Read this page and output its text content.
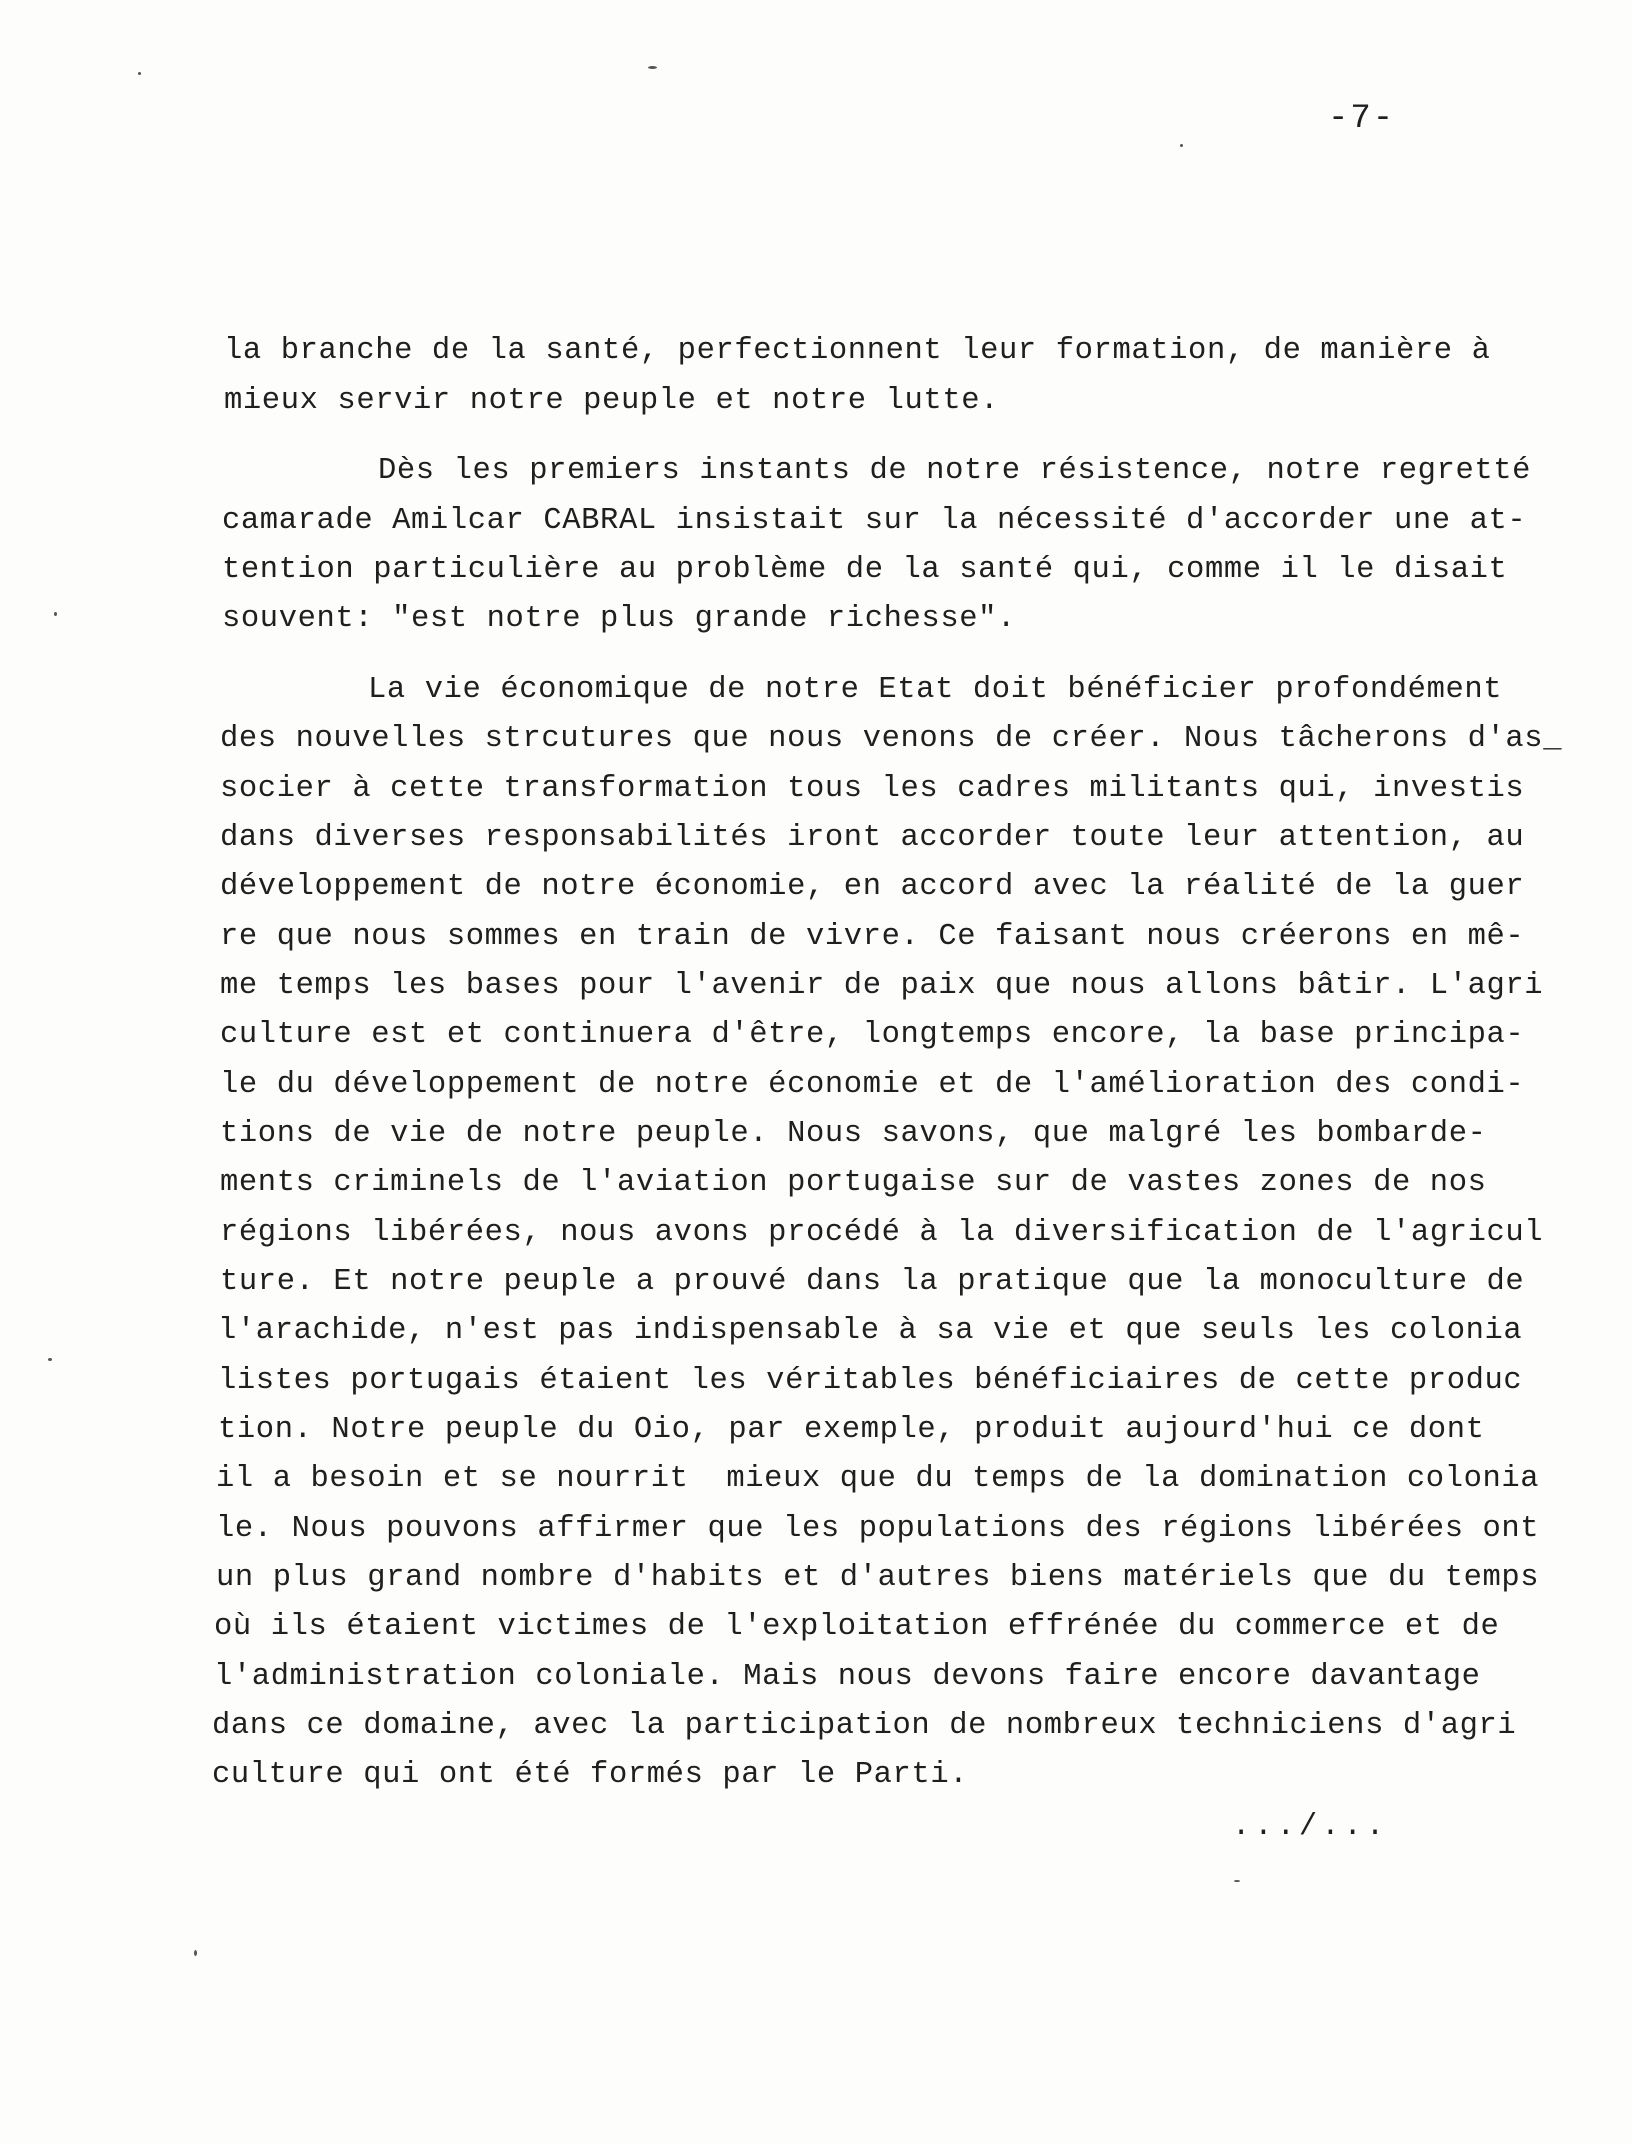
-7-
la branche de la santé, perfectionnent leur formation, de manière à
mieux servir notre peuple et notre lutte.
Dès les premiers instants de notre résistence, notre regretté
camarade Amilcar CABRAL insistait sur la nécessité d'accorder une at-
tention particulière au problème de la santé qui, comme il le disait
souvent: "est notre plus grande richesse".
La vie économique de notre Etat doit bénéficier profondément
des nouvelles strcutures que nous venons de créer. Nous tâcherons d'as_
socier à cette transformation tous les cadres militants qui, investis
dans diverses responsabilités iront accorder toute leur attention, au
développement de notre économie, en accord avec la réalité de la guer
re que nous sommes en train de vivre. Ce faisant nous créerons en mê-
me temps les bases pour l'avenir de paix que nous allons bâtir. L'agri
culture est et continuera d'être, longtemps encore, la base principa-
le du développement de notre économie et de l'amélioration des condi-
tions de vie de notre peuple. Nous savons, que malgré les bombarde-
ments criminels de l'aviation portugaise sur de vastes zones de nos
régions libérées, nous avons procédé à la diversification de l'agricul
ture. Et notre peuple a prouvé dans la pratique que la monoculture de
l'arachide, n'est pas indispensable à sa vie et que seuls les colonia
listes portugais étaient les véritables bénéficiaires de cette produc
tion. Notre peuple du Oio, par exemple, produit aujourd'hui ce dont
il a besoin et se nourrit  mieux que du temps de la domination colonia
le. Nous pouvons affirmer que les populations des régions libérées ont
un plus grand nombre d'habits et d'autres biens matériels que du temps
où ils étaient victimes de l'exploitation effrénée du commerce et de
l'administration coloniale. Mais nous devons faire encore davantage
dans ce domaine, avec la participation de nombreux techniciens d'agri
culture qui ont été formés par le Parti.
.../...
